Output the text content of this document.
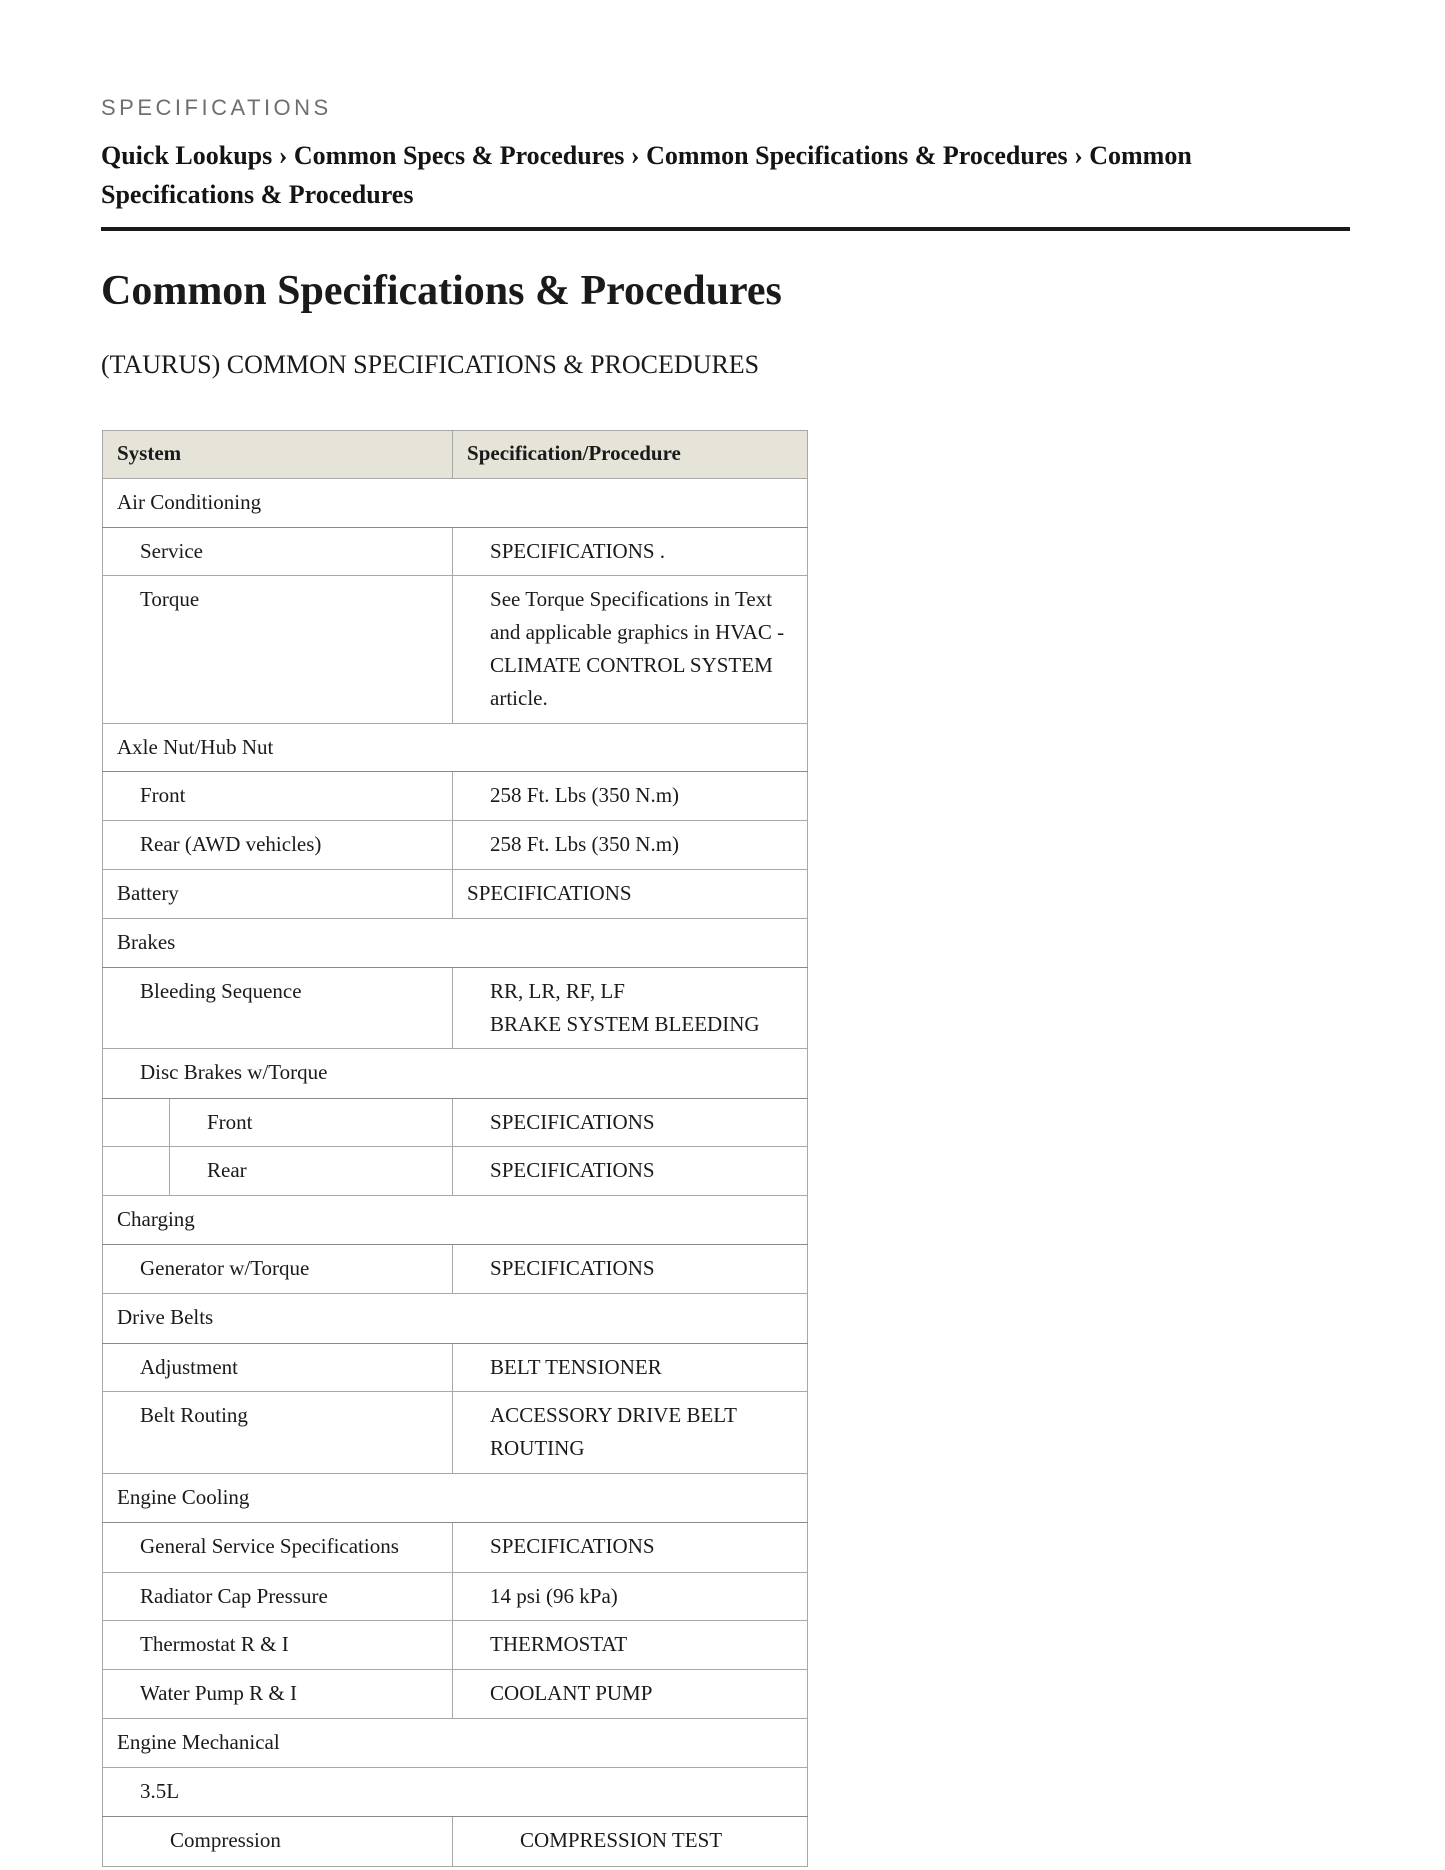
SPECIFICATIONS
Quick Lookups › Common Specs & Procedures › Common Specifications & Procedures › Common Specifications & Procedures
Common Specifications & Procedures
(TAURUS) COMMON SPECIFICATIONS & PROCEDURES
System		Specification/Procedure
Air Conditioning		
Service		SPECIFICATIONS .
Torque		See Torque Specifications in Text and applicable graphics in HVAC - CLIMATE CONTROL SYSTEM article.
Axle Nut/Hub Nut		
Front		258 Ft. Lbs (350 N.m)
Rear (AWD vehicles)		258 Ft. Lbs (350 N.m)
Battery		SPECIFICATIONS
Brakes		
Bleeding Sequence		RR, LR, RF, LF
BRAKE SYSTEM BLEEDING

Disc Brakes w/Torque		
	Front	SPECIFICATIONS
	Rear	SPECIFICATIONS
Charging		
Generator w/Torque		SPECIFICATIONS
Drive Belts		
Adjustment		BELT TENSIONER
Belt Routing		ACCESSORY DRIVE BELT ROUTING
Engine Cooling		
General Service Specifications		SPECIFICATIONS
Radiator Cap Pressure		14 psi (96 kPa)
Thermostat R & I		THERMOSTAT
Water Pump R & I		COOLANT PUMP
Engine Mechanical		
3.5L		
Compression		COMPRESSION TEST
